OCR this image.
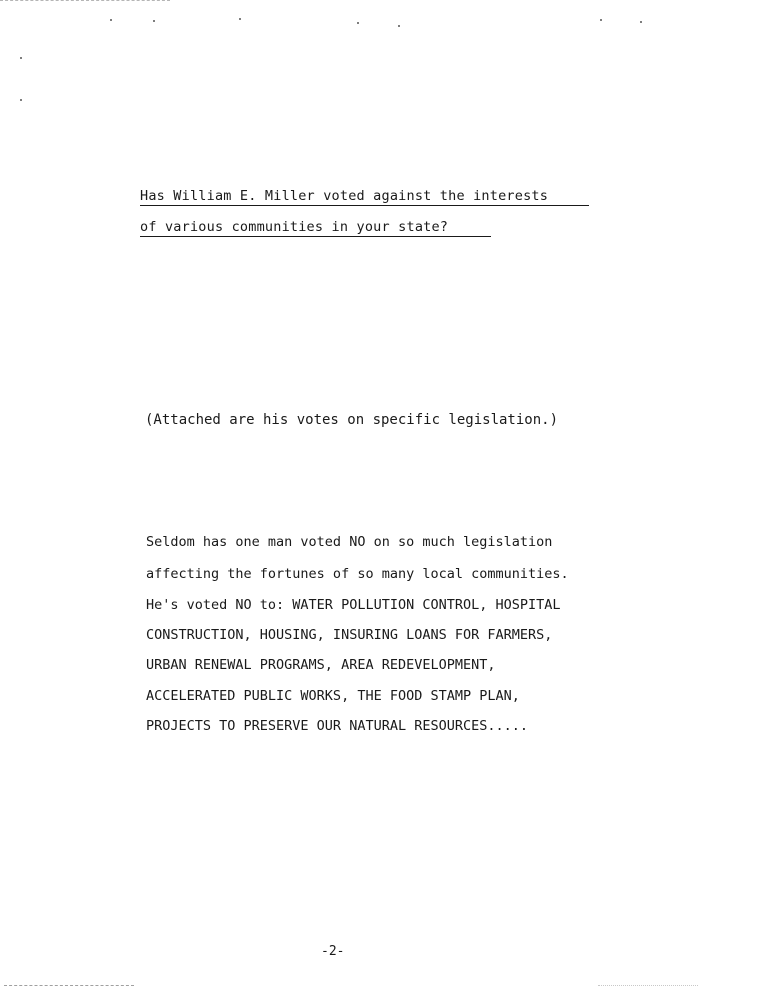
Has William E. Miller voted against the interests
of various communities in your state?
(Attached are his votes on specific legislation.)
Seldom has one man voted NO on so much legislation
affecting the fortunes of so many local communities.
He's voted NO to: WATER POLLUTION CONTROL, HOSPITAL
CONSTRUCTION, HOUSING, INSURING LOANS FOR FARMERS,
URBAN RENEWAL PROGRAMS, AREA REDEVELOPMENT,
ACCELERATED PUBLIC WORKS, THE FOOD STAMP PLAN,
PROJECTS TO PRESERVE OUR NATURAL RESOURCES.....
-2-
